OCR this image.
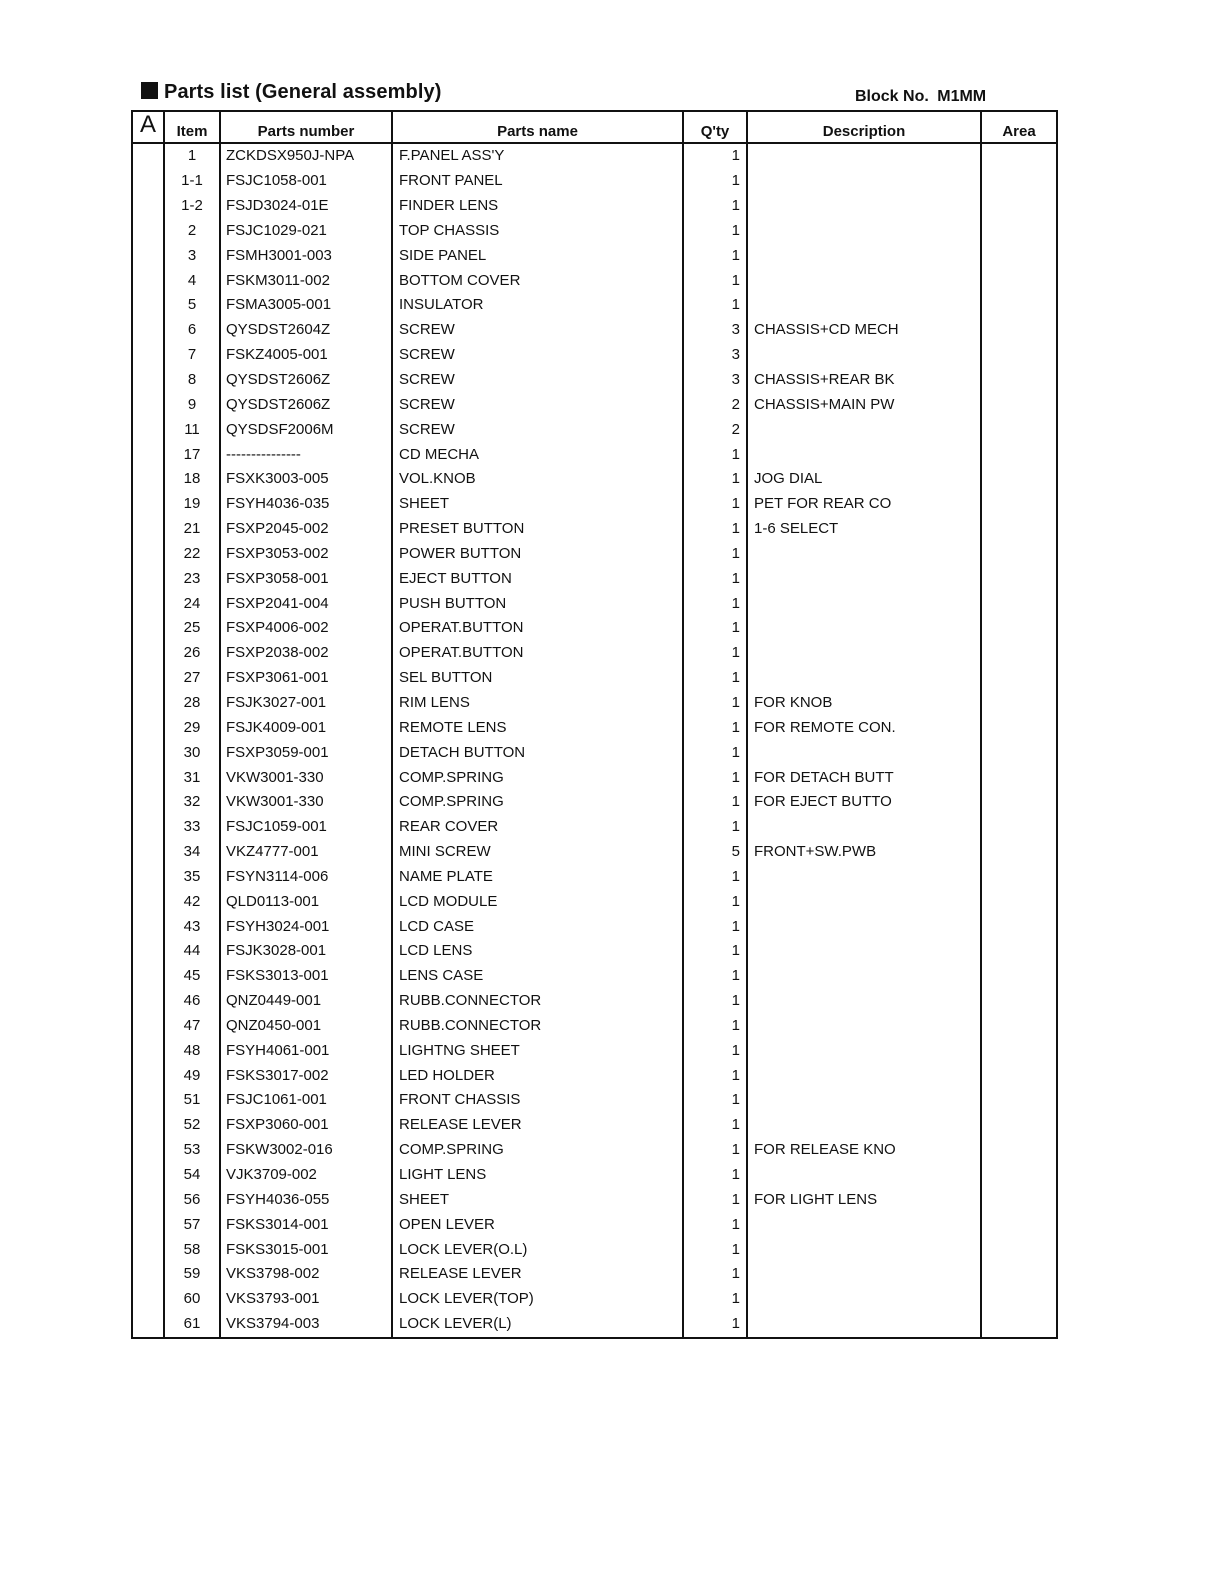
Parts list (General assembly)	Block No. M1MM
A	Item	Parts number	Parts name	Q'ty	Description	Area
	1	ZCKDSX950J-NPA	F.PANEL ASS'Y	1		
	1-1	FSJC1058-001	FRONT PANEL	1		
	1-2	FSJD3024-01E	FINDER LENS	1		
	2	FSJC1029-021	TOP CHASSIS	1		
	3	FSMH3001-003	SIDE PANEL	1		
	4	FSKM3011-002	BOTTOM COVER	1		
	5	FSMA3005-001	INSULATOR	1		
	6	QYSDST2604Z	SCREW	3	CHASSIS+CD MECH	
	7	FSKZ4005-001	SCREW	3		
	8	QYSDST2606Z	SCREW	3	CHASSIS+REAR BK	
	9	QYSDST2606Z	SCREW	2	CHASSIS+MAIN PW	
	11	QYSDSF2006M	SCREW	2		
	17	---------------	CD MECHA	1		
	18	FSXK3003-005	VOL.KNOB	1	JOG DIAL	
	19	FSYH4036-035	SHEET	1	PET FOR REAR CO	
	21	FSXP2045-002	PRESET BUTTON	1	1-6 SELECT	
	22	FSXP3053-002	POWER BUTTON	1		
	23	FSXP3058-001	EJECT BUTTON	1		
	24	FSXP2041-004	PUSH BUTTON	1		
	25	FSXP4006-002	OPERAT.BUTTON	1		
	26	FSXP2038-002	OPERAT.BUTTON	1		
	27	FSXP3061-001	SEL BUTTON	1		
	28	FSJK3027-001	RIM LENS	1	FOR KNOB	
	29	FSJK4009-001	REMOTE LENS	1	FOR REMOTE CON.	
	30	FSXP3059-001	DETACH BUTTON	1		
	31	VKW3001-330	COMP.SPRING	1	FOR DETACH BUTT	
	32	VKW3001-330	COMP.SPRING	1	FOR EJECT BUTTO	
	33	FSJC1059-001	REAR COVER	1		
	34	VKZ4777-001	MINI SCREW	5	FRONT+SW.PWB	
	35	FSYN3114-006	NAME PLATE	1		
	42	QLD0113-001	LCD MODULE	1		
	43	FSYH3024-001	LCD CASE	1		
	44	FSJK3028-001	LCD LENS	1		
	45	FSKS3013-001	LENS CASE	1		
	46	QNZ0449-001	RUBB.CONNECTOR	1		
	47	QNZ0450-001	RUBB.CONNECTOR	1		
	48	FSYH4061-001	LIGHTNG SHEET	1		
	49	FSKS3017-002	LED HOLDER	1		
	51	FSJC1061-001	FRONT CHASSIS	1		
	52	FSXP3060-001	RELEASE LEVER	1		
	53	FSKW3002-016	COMP.SPRING	1	FOR RELEASE KNO	
	54	VJK3709-002	LIGHT LENS	1		
	56	FSYH4036-055	SHEET	1	FOR LIGHT LENS	
	57	FSKS3014-001	OPEN LEVER	1		
	58	FSKS3015-001	LOCK LEVER(O.L)	1		
	59	VKS3798-002	RELEASE LEVER	1		
	60	VKS3793-001	LOCK LEVER(TOP)	1		
	61	VKS3794-003	LOCK LEVER(L)	1		
